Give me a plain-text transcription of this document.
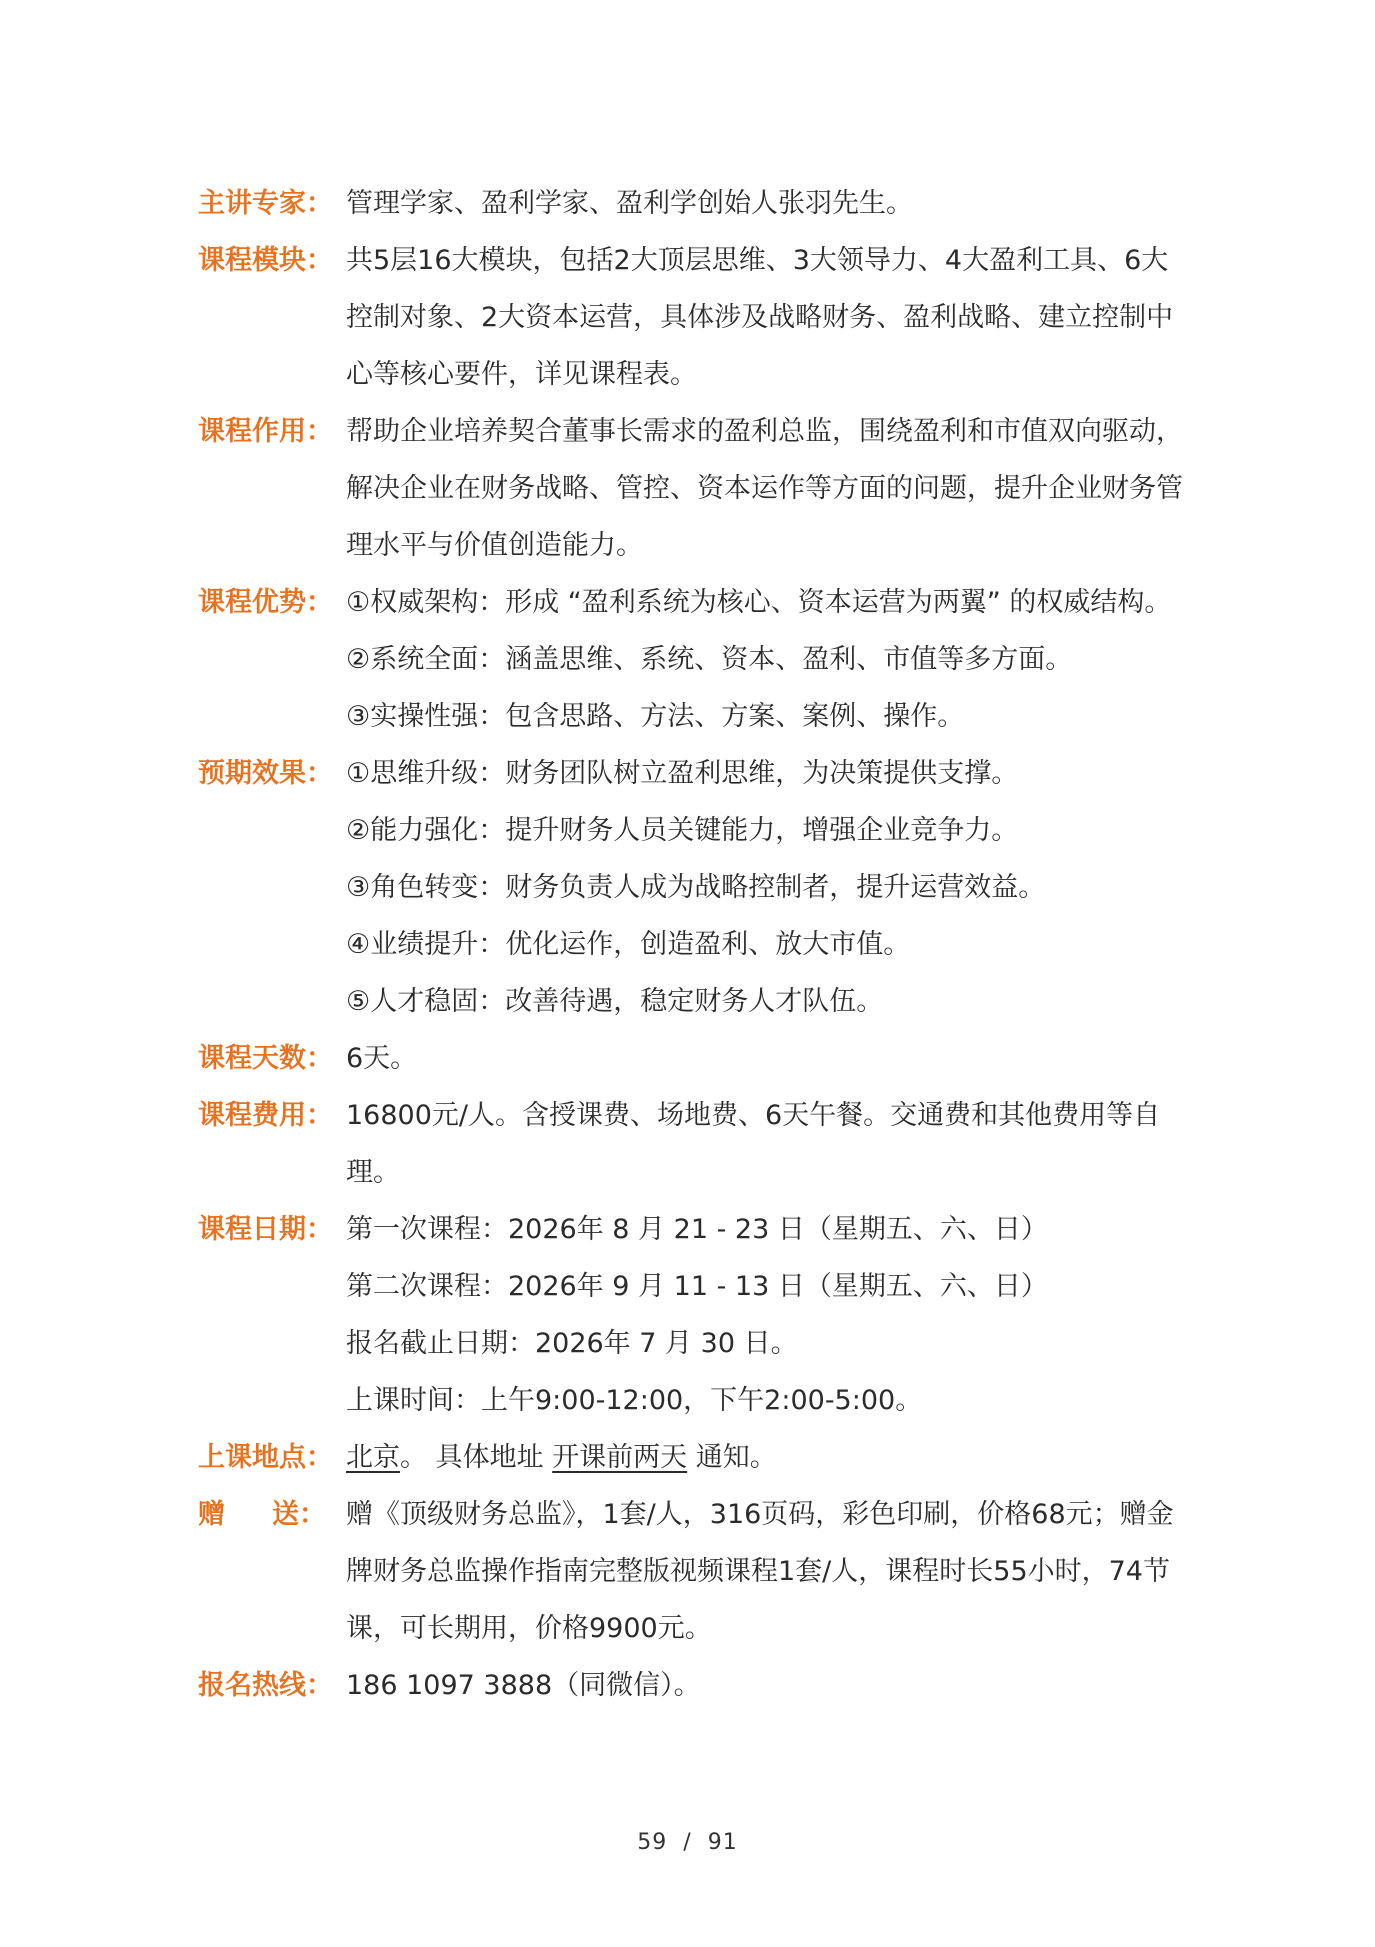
主讲专家： 管理学家、盈利学家、盈利学创始人张羽先生。
课程模块： 共5层16大模块，包括2大顶层思维、3大领导力、4大盈利工具、6大控制对象、2大资本运营，具体涉及战略财务、盈利战略、建立控制中心等核心要件，详见课程表。
课程作用： 帮助企业培养契合董事长需求的盈利总监，围绕盈利和市值双向驱动，解决企业在财务战略、管控、资本运作等方面的问题，提升企业财务管理水平与价值创造能力。
课程优势： ①权威架构：形成 “盈利系统为核心、资本运营为两翼” 的权威结构。

②系统全面：涵盖思维、系统、资本、盈利、市值等多方面。

③实操性强：包含思路、方法、方案、案例、操作。

预期效果： ①思维升级：财务团队树立盈利思维，为决策提供支撑。

②能力强化：提升财务人员关键能力，增强企业竞争力。

③角色转变：财务负责人成为战略控制者，提升运营效益。

④业绩提升：优化运作，创造盈利、放大市值。

⑤人才稳固：改善待遇，稳定财务人才队伍。

课程天数： 6天。
课程费用： 16800元/人。含授课费、场地费、6天午餐。交通费和其他费用等自理。
课程日期： 第一次课程：2026年 8 月 21 - 23 日（星期五、六、日）

第二次课程：2026年 9 月 11 - 13 日（星期五、六、日）

报名截止日期：2026年 7 月 30 日。

上课时间：上午9:00-12:00，下午2:00-5:00。

上课地点： 北京。 具体地址 开课前两天 通知。
赠 送： 赠《顶级财务总监》，1套/人，316页码，彩色印刷，价格68元；赠金牌财务总监操作指南完整版视频课程1套/人，课程时长55小时，74节课，可长期用，价格9900元。
报名热线： 186 1097 3888（同微信）。
59 / 91
